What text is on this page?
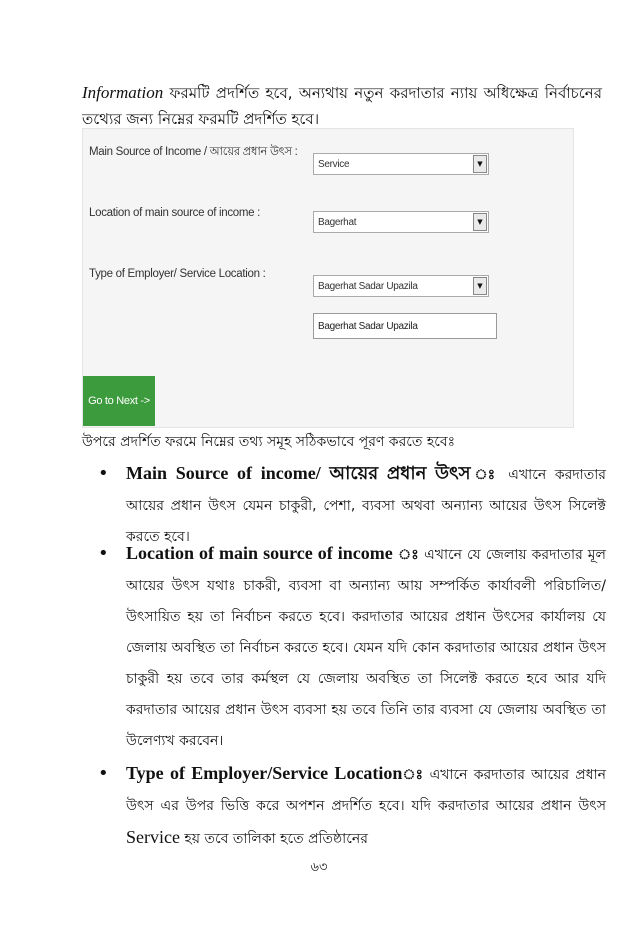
Information ফরমটি প্রদর্শিত হবে, অন্যথায় নতুন করদাতার ন্যায় অধিক্ষেত্র নির্বাচনের তথ্যের জন্য নিম্নের ফরমটি প্রদর্শিত হবে।

Main Source of Income / আয়ের প্রধান উৎস :
Service	▼
Location of main source of income :
Bagerhat	▼
Type of Employer/ Service Location :
Bagerhat Sadar Upazila	▼
Bagerhat Sadar Upazila
Go to Next ->
উপরে প্রদর্শিত ফরমে নিম্নের তথ্য সমূহ সঠিকভাবে পূরণ করতে হবেঃ
• Main Source of income/ আয়ের প্রধান উৎস ঃ এখানে করদাতার আয়ের প্রধান উৎস যেমন চাকুরী, পেশা, ব্যবসা অথবা অন্যান্য আয়ের উৎস সিলেক্ট করতে হবে।
• Location of main source of income ঃ এখানে যে জেলায় করদাতার মূল আয়ের উৎস যথাঃ চাকরী, ব্যবসা বা অন্যান্য আয় সম্পর্কিত কার্যাবলী পরিচালিত/উৎসায়িত হয় তা নির্বাচন করতে হবে। করদাতার আয়ের প্রধান উৎসের কার্যালয় যে জেলায় অবস্থিত তা নির্বাচন করতে হবে। যেমন যদি কোন করদাতার আয়ের প্রধান উৎস চাকুরী হয় তবে তার কর্মস্থল যে জেলায় অবস্থিত তা সিলেক্ট করতে হবে আর যদি করদাতার আয়ের প্রধান উৎস ব্যবসা হয় তবে তিনি তার ব্যবসা যে জেলায় অবস্থিত তা উলেণ্যখ করবেন।
• Type of Employer/Service Locationঃ এখানে করদাতার আয়ের প্রধান উৎস এর উপর ভিত্তি করে অপশন প্রদর্শিত হবে। যদি করদাতার আয়ের প্রধান উৎস Service হয় তবে তালিকা হতে প্রতিষ্ঠানের
৬৩
